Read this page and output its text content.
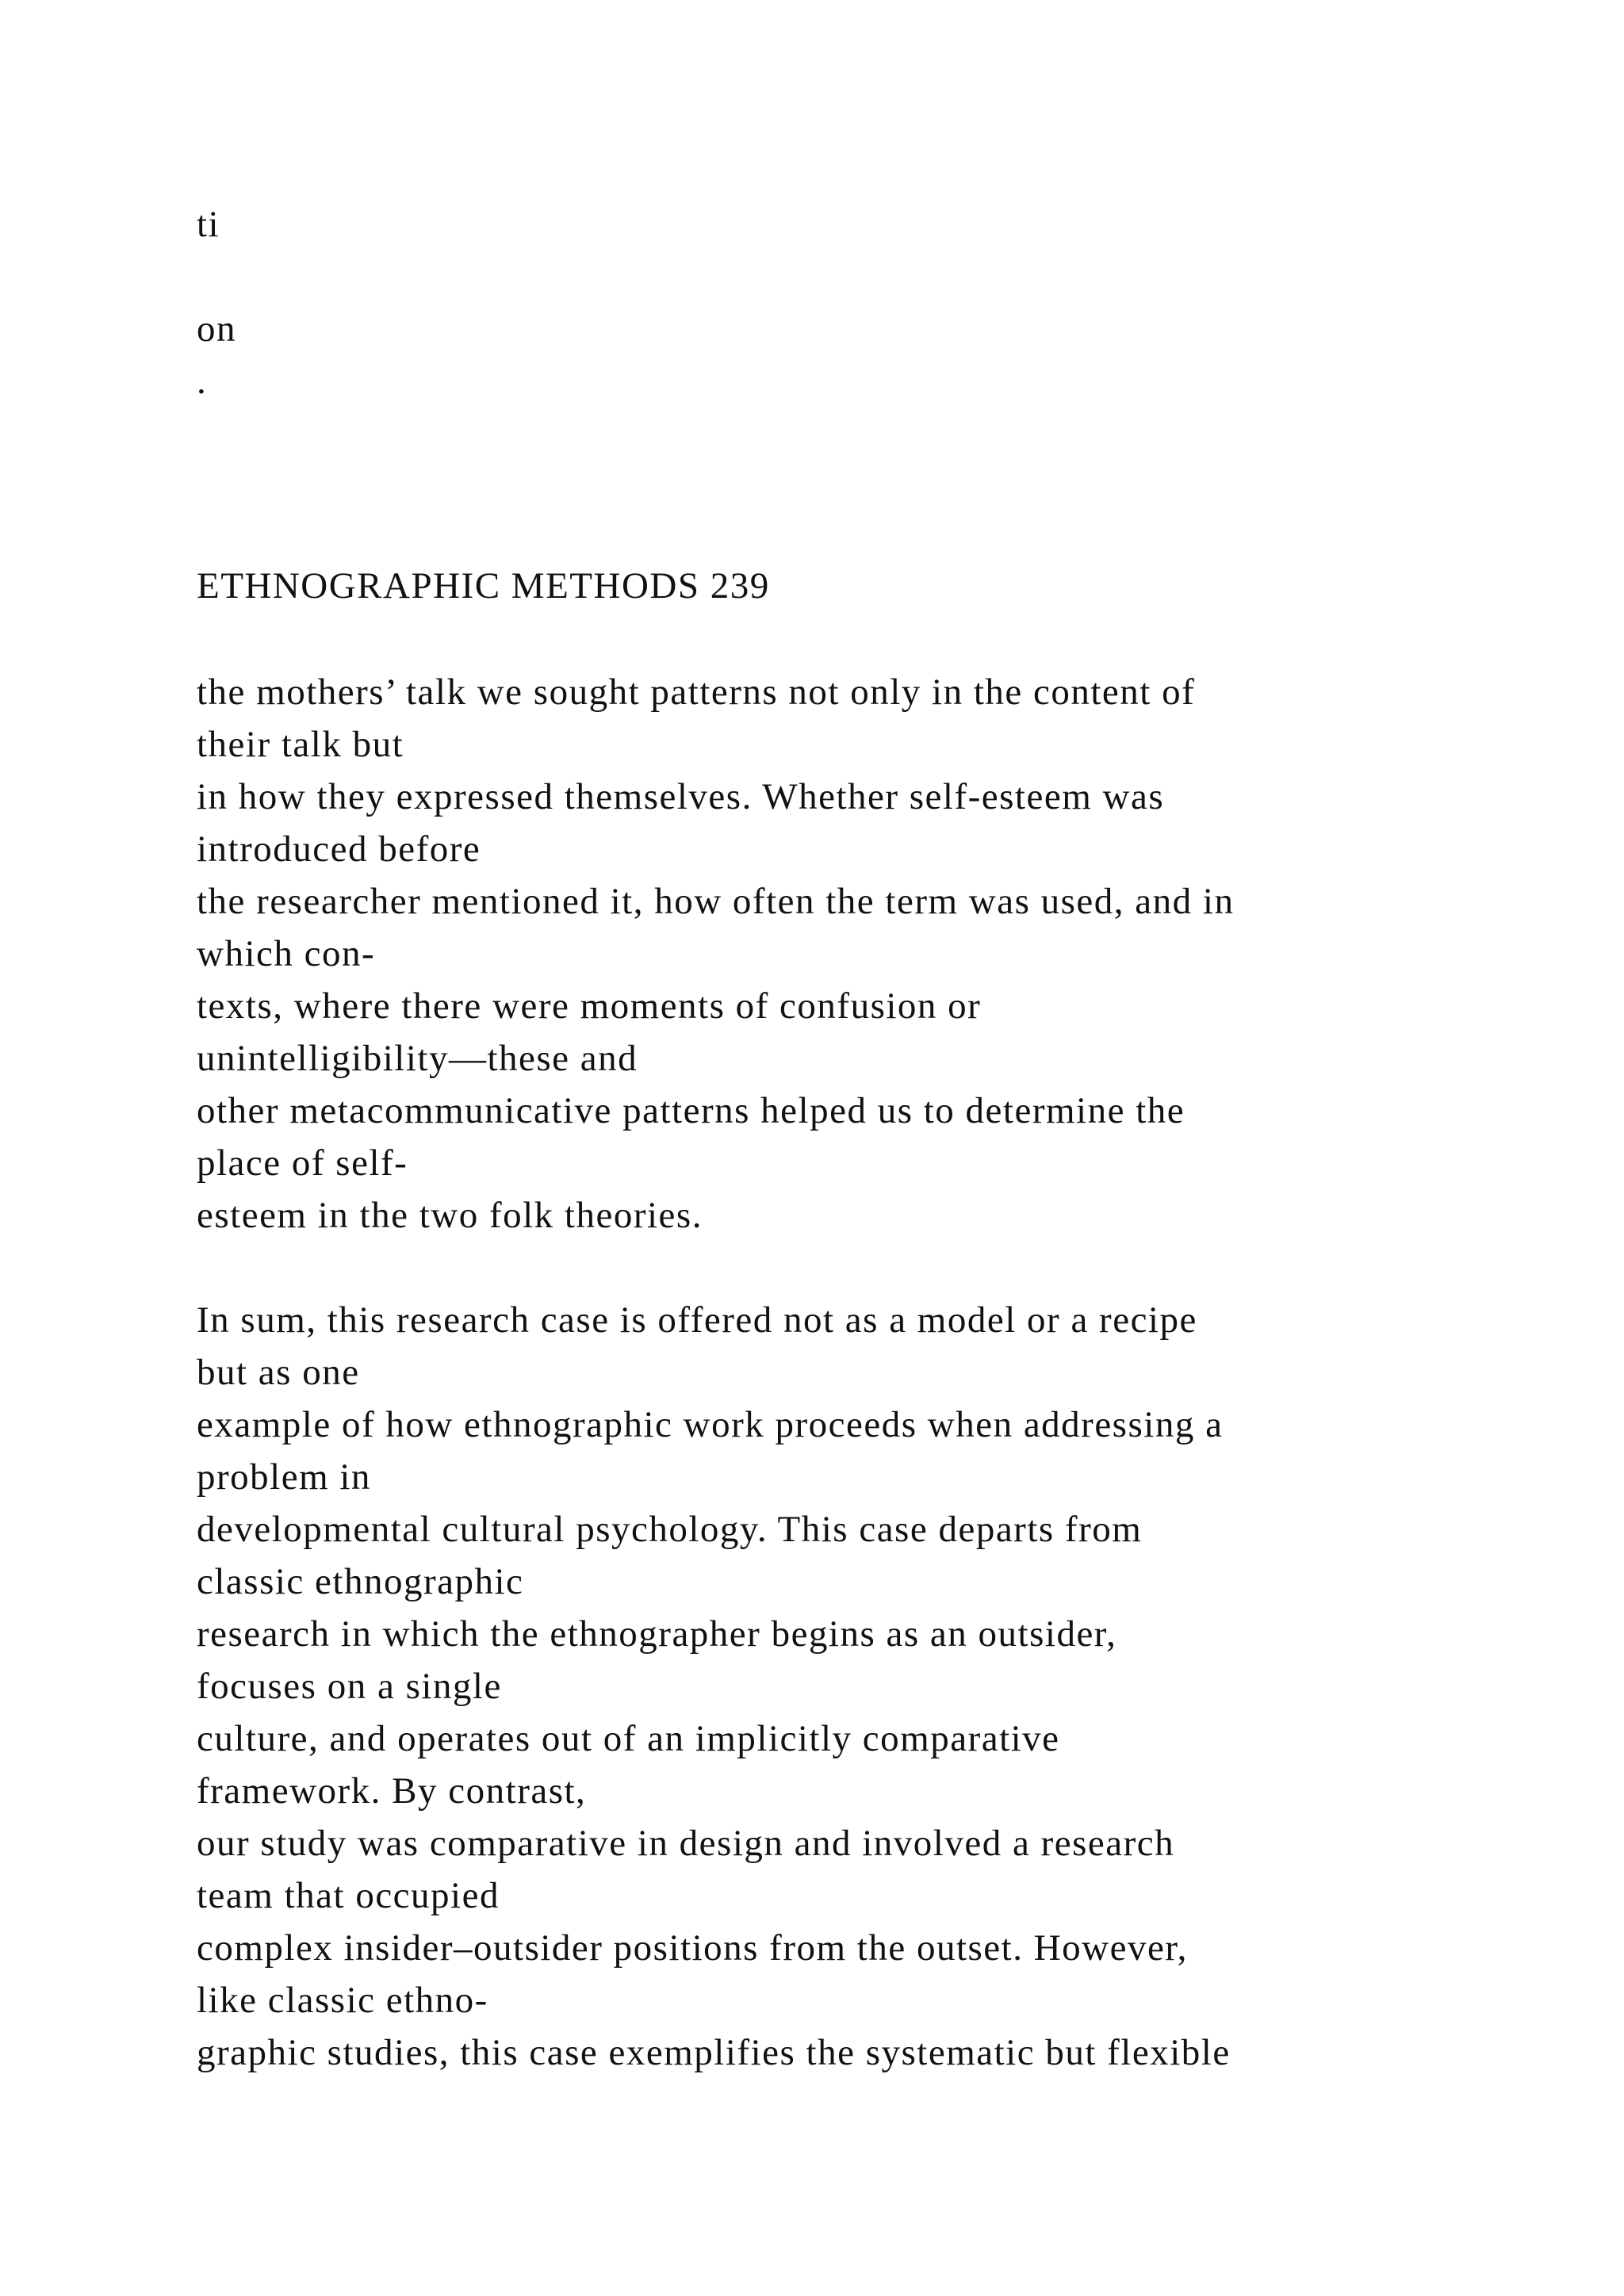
ti

on

.

ETHNOGRAPHIC METHODS 239

the mothers’ talk we sought patterns not only in the content of
their talk but
in how they expressed themselves. Whether self-esteem was
introduced before
the researcher mentioned it, how often the term was used, and in
which con-
texts, where there were moments of confusion or
unintelligibility—these and
other metacommunicative patterns helped us to determine the
place of self-
esteem in the two folk theories.
In sum, this research case is offered not as a model or a recipe
but as one
example of how ethnographic work proceeds when addressing a
problem in
developmental cultural psychology. This case departs from
classic ethnographic
research in which the ethnographer begins as an outsider,
focuses on a single
culture, and operates out of an implicitly comparative
framework. By contrast,
our study was comparative in design and involved a research
team that occupied
complex insider–outsider positions from the outset. However,
like classic ethno-
graphic studies, this case exemplifies the systematic but flexible
